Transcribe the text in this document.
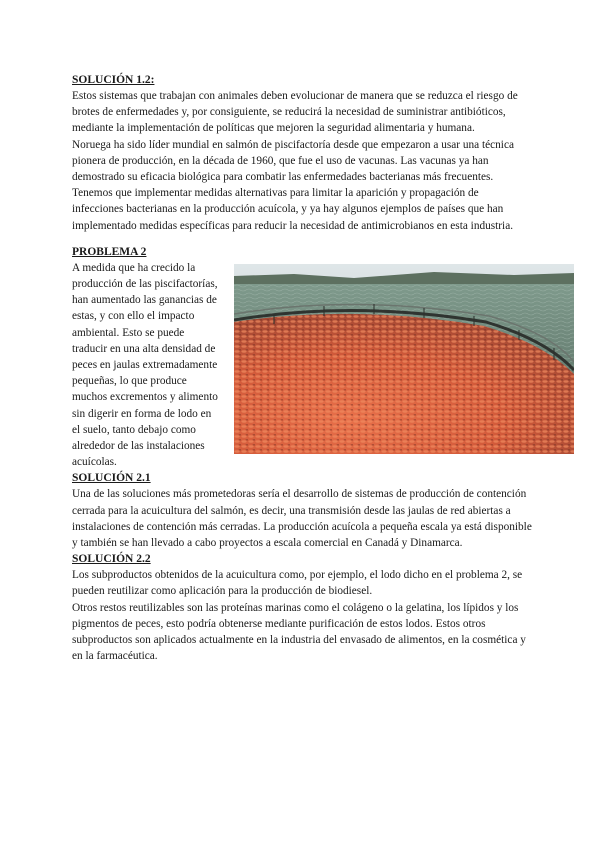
SOLUCIÓN 1.2:

Estos sistemas que trabajan con animales deben evolucionar de manera que se reduzca el riesgo de brotes de enfermedades y, por consiguiente, se reducirá la necesidad de suministrar antibióticos, mediante la implementación de políticas que mejoren la seguridad alimentaria y humana.

Noruega ha sido líder mundial en salmón de piscifactoría desde que empezaron a usar una técnica pionera de producción, en la década de 1960, que fue el uso de vacunas. Las vacunas ya han demostrado su eficacia biológica para combatir las enfermedades bacterianas más frecuentes. Tenemos que implementar medidas alternativas para limitar la aparición y propagación de infecciones bacterianas en la producción acuícola, y ya hay algunos ejemplos de países que han implementado medidas específicas para reducir la necesidad de antimicrobianos en esta industria.

PROBLEMA 2

A medida que ha crecido la producción de las piscifactorías, han aumentado las ganancias de estas, y con ello el impacto ambiental. Esto se puede traducir en una alta densidad de peces en jaulas extremadamente pequeñas, lo que produce muchos excrementos y alimento sin digerir en forma de lodo en el suelo, tanto debajo como alrededor de las instalaciones acuícolas.

SOLUCIÓN 2.1

Una de las soluciones más prometedoras sería el desarrollo de sistemas de producción de contención cerrada para la acuicultura del salmón, es decir, una transmisión desde las jaulas de red abiertas a instalaciones de contención más cerradas. La producción acuícola a pequeña escala ya está disponible y también se han llevado a cabo proyectos a escala comercial en Canadá y Dinamarca.

SOLUCIÓN 2.2

Los subproductos obtenidos de la acuicultura como, por ejemplo, el lodo dicho en el problema 2, se pueden reutilizar como aplicación para la producción de biodiesel.

Otros restos reutilizables son las proteínas marinas como el colágeno o la gelatina, los lípidos y los pigmentos de peces, esto podría obtenerse mediante purificación de estos lodos. Estos otros subproductos son aplicados actualmente en la industria del envasado de alimentos, en la cosmética y en la farmacéutica.
